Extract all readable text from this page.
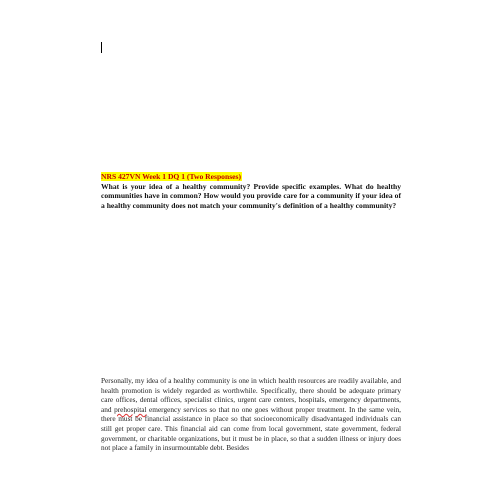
NRS 427VN Week 1 DQ 1 (Two Responses)
What is your idea of a healthy community? Provide specific examples. What do healthy communities have in common? How would you provide care for a community if your idea of a healthy community does not match your community's definition of a healthy community?
Personally, my idea of a healthy community is one in which health resources are readily available, and health promotion is widely regarded as worthwhile. Specifically, there should be adequate primary care offices, dental offices, specialist clinics, urgent care centers, hospitals, emergency departments, and prehospital emergency services so that no one goes without proper treatment. In the same vein, there must be financial assistance in place so that socioeconomically disadvantaged individuals can still get proper care. This financial aid can come from local government, state government, federal government, or charitable organizations, but it must be in place, so that a sudden illness or injury does not place a family in insurmountable debt. Besides
